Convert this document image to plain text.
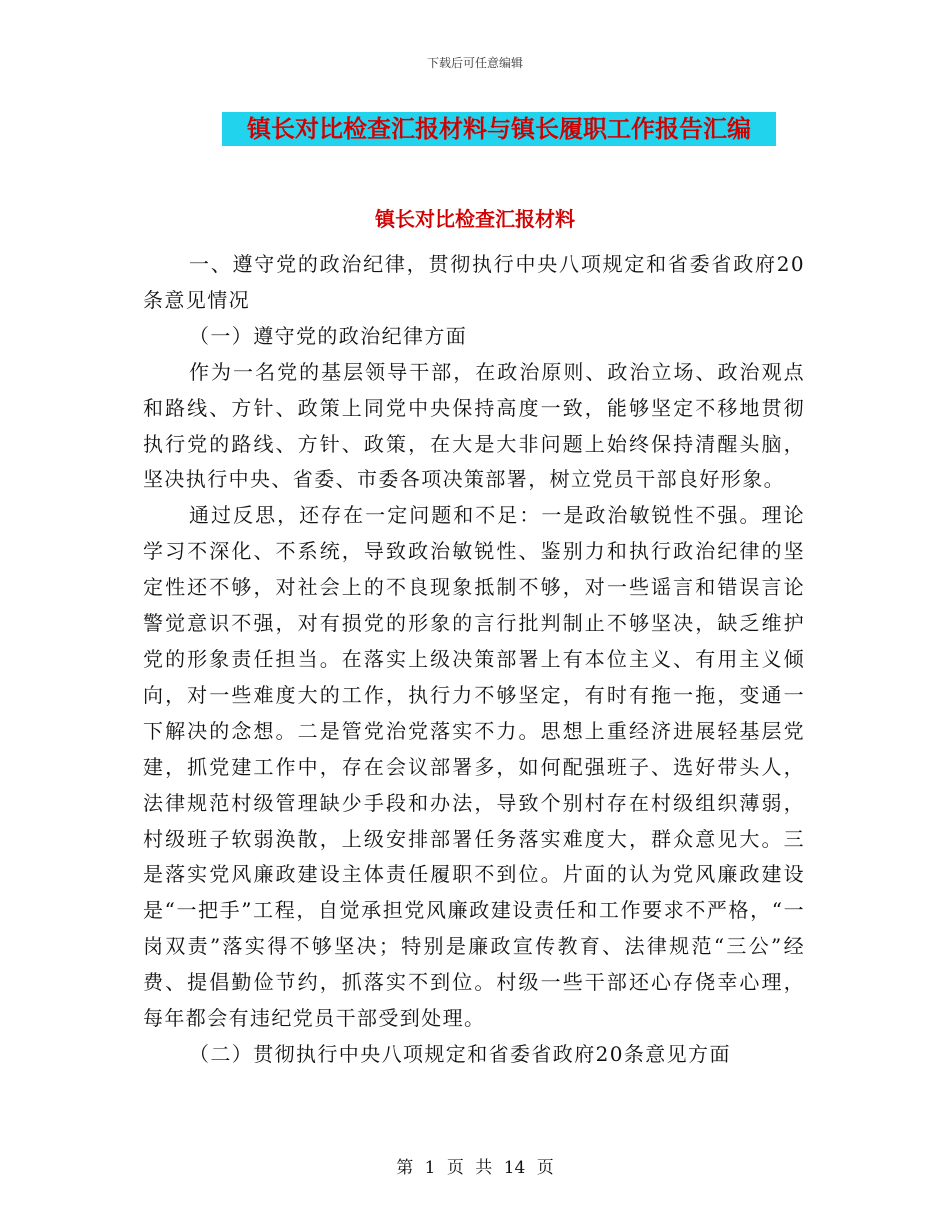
下载后可任意编辑
镇长对比检查汇报材料与镇长履职工作报告汇编
镇长对比检查汇报材料

一、遵守党的政治纪律，贯彻执行中央八项规定和省委省政府20条意见情况

（一）遵守党的政治纪律方面

作为一名党的基层领导干部，在政治原则、政治立场、政治观点和路线、方针、政策上同党中央保持高度一致，能够坚定不移地贯彻执行党的路线、方针、政策，在大是大非问题上始终保持清醒头脑，坚决执行中央、省委、市委各项决策部署，树立党员干部良好形象。

通过反思，还存在一定问题和不足：一是政治敏锐性不强。理论学习不深化、不系统，导致政治敏锐性、鉴别力和执行政治纪律的坚定性还不够，对社会上的不良现象抵制不够，对一些谣言和错误言论警觉意识不强，对有损党的形象的言行批判制止不够坚决，缺乏维护党的形象责任担当。在落实上级决策部署上有本位主义、有用主义倾向，对一些难度大的工作，执行力不够坚定，有时有拖一拖，变通一下解决的念想。二是管党治党落实不力。思想上重经济进展轻基层党建，抓党建工作中，存在会议部署多，如何配强班子、选好带头人，法律规范村级管理缺少手段和办法，导致个别村存在村级组织薄弱，村级班子软弱涣散，上级安排部署任务落实难度大，群众意见大。三是落实党风廉政建设主体责任履职不到位。片面的认为党风廉政建设是“一把手”工程，自觉承担党风廉政建设责任和工作要求不严格，“一岗双责”落实得不够坚决；特别是廉政宣传教育、法律规范“三公”经费、提倡勤俭节约，抓落实不到位。村级一些干部还心存侥幸心理，每年都会有违纪党员干部受到处理。

（二）贯彻执行中央八项规定和省委省政府20条意见方面

第 1 页 共 14 页
